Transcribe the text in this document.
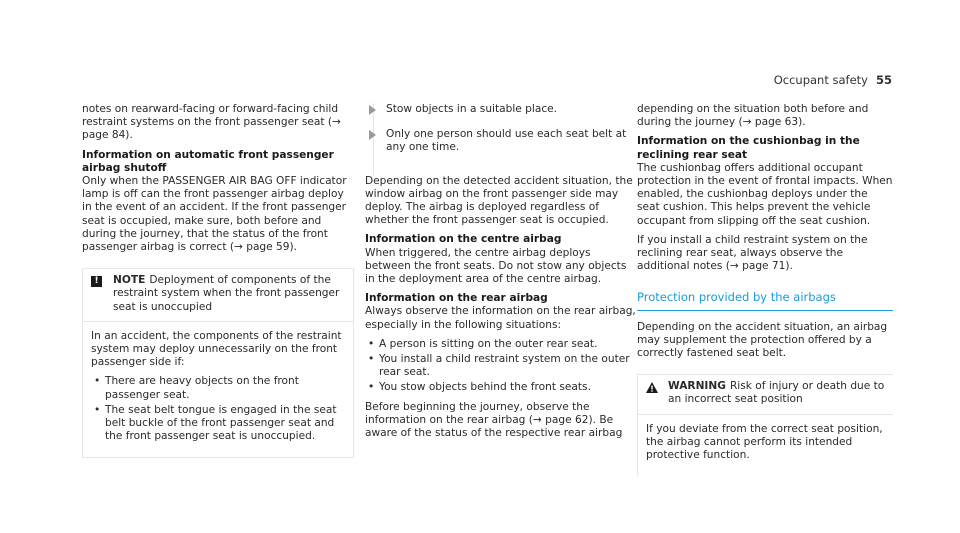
Occupant safety 55

notes on rearward-facing or forward-facing child restraint systems on the front passenger seat (→ page 84).

Information on automatic front passenger airbag shutoff

Only when the PASSENGER AIR BAG OFF indicator lamp is off can the front passenger airbag deploy in the event of an accident. If the front passenger seat is occupied, make sure, both before and during the journey, that the status of the front passenger airbag is correct (→ page 59).

!	NOTE Deployment of components of the restraint system when the front passenger seat is unoccupied

In an accident, the components of the restraint system may deploy unnecessarily on the front passenger side if:

• There are heavy objects on the front passenger seat.
• The seat belt tongue is engaged in the seat belt buckle of the front passenger seat and the front passenger seat is unoccupied.
Stow objects in a suitable place.
Only one person should use each seat belt at any one time.

Depending on the detected accident situation, the window airbag on the front passenger side may deploy. The airbag is deployed regardless of whether the front passenger seat is occupied.

Information on the centre airbag

When triggered, the centre airbag deploys between the front seats. Do not stow any objects in the deployment area of the centre airbag.

Information on the rear airbag

Always observe the information on the rear airbag, especially in the following situations:

• A person is sitting on the outer rear seat.
• You install a child restraint system on the outer rear seat.
• You stow objects behind the front seats.

Before beginning the journey, observe the information on the rear airbag (→ page 62). Be aware of the status of the respective rear airbag

depending on the situation both before and during the journey (→ page 63).

Information on the cushionbag in the reclining rear seat

The cushionbag offers additional occupant protection in the event of frontal impacts. When enabled, the cushionbag deploys under the seat cushion. This helps prevent the vehicle occupant from slipping off the seat cushion.

If you install a child restraint system on the reclining rear seat, always observe the additional notes (→ page 71).

Protection provided by the airbags

Depending on the accident situation, an airbag may supplement the protection offered by a correctly fastened seat belt.

WARNING Risk of injury or death due to an incorrect seat position

If you deviate from the correct seat position, the airbag cannot perform its intended protective function.
